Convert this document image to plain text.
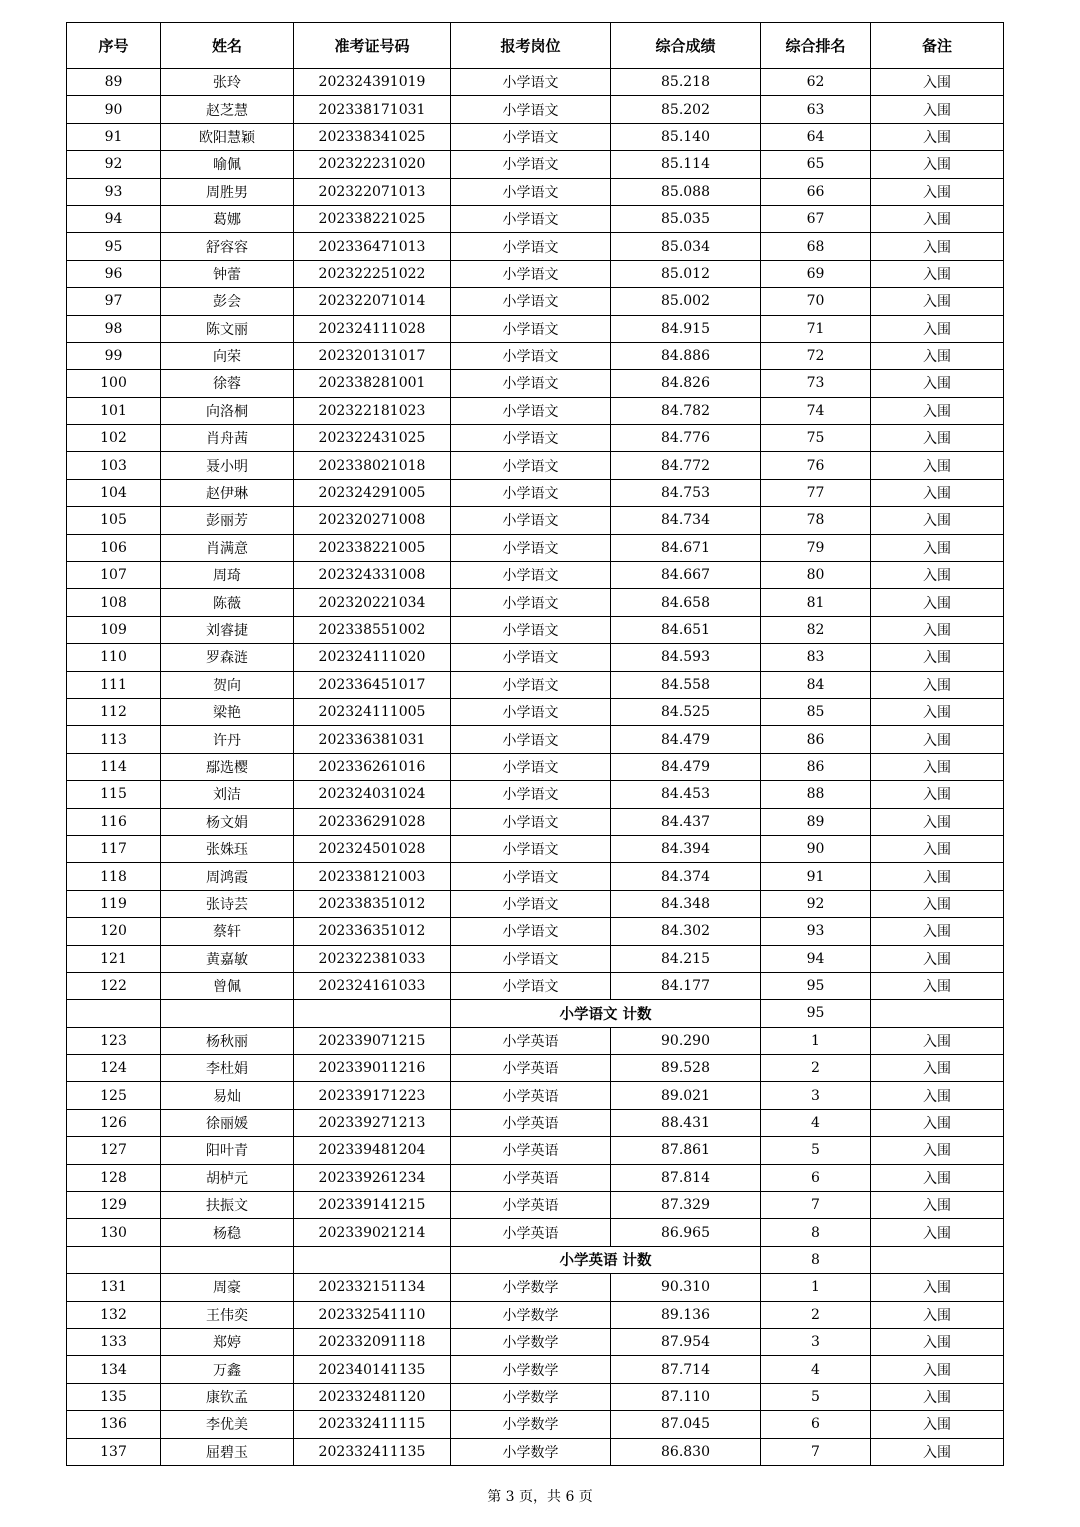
序号	姓名	准考证号码	报考岗位	综合成绩	综合排名	备注
89	张玲	202324391019	小学语文	85.218	62	入围
90	赵芝慧	202338171031	小学语文	85.202	63	入围
91	欧阳慧颖	202338341025	小学语文	85.140	64	入围
92	喻佩	202322231020	小学语文	85.114	65	入围
93	周胜男	202322071013	小学语文	85.088	66	入围
94	葛娜	202338221025	小学语文	85.035	67	入围
95	舒容容	202336471013	小学语文	85.034	68	入围
96	钟蕾	202322251022	小学语文	85.012	69	入围
97	彭会	202322071014	小学语文	85.002	70	入围
98	陈文丽	202324111028	小学语文	84.915	71	入围
99	向荣	202320131017	小学语文	84.886	72	入围
100	徐蓉	202338281001	小学语文	84.826	73	入围
101	向洛桐	202322181023	小学语文	84.782	74	入围
102	肖舟茜	202322431025	小学语文	84.776	75	入围
103	聂小明	202338021018	小学语文	84.772	76	入围
104	赵伊琳	202324291005	小学语文	84.753	77	入围
105	彭丽芳	202320271008	小学语文	84.734	78	入围
106	肖满意	202338221005	小学语文	84.671	79	入围
107	周琦	202324331008	小学语文	84.667	80	入围
108	陈薇	202320221034	小学语文	84.658	81	入围
109	刘睿捷	202338551002	小学语文	84.651	82	入围
110	罗森涟	202324111020	小学语文	84.593	83	入围
111	贺向	202336451017	小学语文	84.558	84	入围
112	梁艳	202324111005	小学语文	84.525	85	入围
113	许丹	202336381031	小学语文	84.479	86	入围
114	鄢选樱	202336261016	小学语文	84.479	86	入围
115	刘洁	202324031024	小学语文	84.453	88	入围
116	杨文娟	202336291028	小学语文	84.437	89	入围
117	张姝珏	202324501028	小学语文	84.394	90	入围
118	周鸿霞	202338121003	小学语文	84.374	91	入围
119	张诗芸	202338351012	小学语文	84.348	92	入围
120	蔡轩	202336351012	小学语文	84.302	93	入围
121	黄嘉敏	202322381033	小学语文	84.215	94	入围
122	曾佩	202324161033	小学语文	84.177	95	入围
			小学语文 计数		95	
123	杨秋丽	202339071215	小学英语	90.290	1	入围
124	李杜娟	202339011216	小学英语	89.528	2	入围
125	易灿	202339171223	小学英语	89.021	3	入围
126	徐丽媛	202339271213	小学英语	88.431	4	入围
127	阳叶青	202339481204	小学英语	87.861	5	入围
128	胡栌元	202339261234	小学英语	87.814	6	入围
129	扶振文	202339141215	小学英语	87.329	7	入围
130	杨稳	202339021214	小学英语	86.965	8	入围
			小学英语 计数		8	
131	周豪	202332151134	小学数学	90.310	1	入围
132	王伟奕	202332541110	小学数学	89.136	2	入围
133	郑婷	202332091118	小学数学	87.954	3	入围
134	万鑫	202340141135	小学数学	87.714	4	入围
135	康钦孟	202332481120	小学数学	87.110	5	入围
136	李优美	202332411115	小学数学	87.045	6	入围
137	屈碧玉	202332411135	小学数学	86.830	7	入围
第 3 页，共 6 页
